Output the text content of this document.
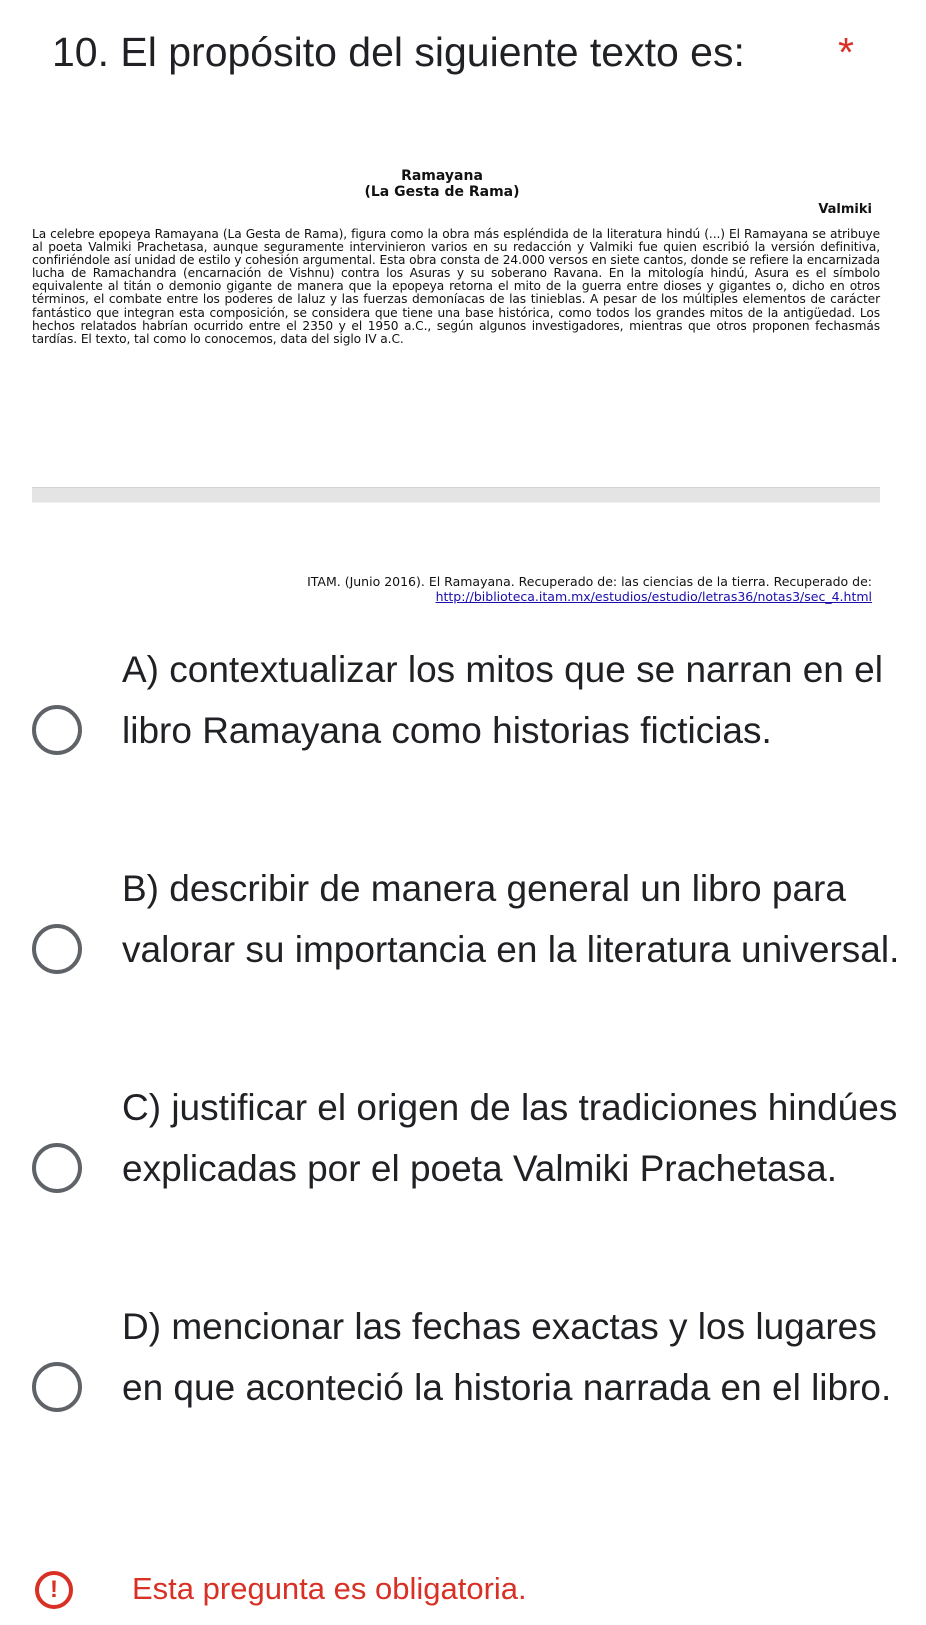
10. El propósito del siguiente texto es: *
Ramayana
(La Gesta de Rama)
Valmiki
La celebre epopeya Ramayana (La Gesta de Rama), figura como la obra más espléndida de la literatura hindú (...) El Ramayana se atribuye al poeta Valmiki Prachetasa, aunque seguramente intervinieron varios en su redacción y Valmiki fue quien escribió la versión definitiva, confiriéndole así unidad de estilo y cohesión argumental. Esta obra consta de 24.000 versos en siete cantos, donde se refiere la encarnizada lucha de Ramachandra (encarnación de Vishnu) contra los Asuras y su soberano Ravana. En la mitología hindú, Asura es el símbolo equivalente al titán o demonio gigante de manera que la epopeya retorna el mito de la guerra entre dioses y gigantes o, dicho en otros términos, el combate entre los poderes de laluz y las fuerzas demoníacas de las tinieblas. A pesar de los múltiples elementos de carácter fantástico que integran esta composición, se considera que tiene una base histórica, como todos los grandes mitos de la antigüedad. Los hechos relatados habrían ocurrido entre el 2350 y el 1950 a.C., según algunos investigadores, mientras que otros proponen fechasmás tardías. El texto, tal como lo conocemos, data del siglo IV a.C.
ITAM. (Junio 2016). El Ramayana. Recuperado de: las ciencias de la tierra. Recuperado de:
http://biblioteca.itam.mx/estudios/estudio/letras36/notas3/sec_4.html
A) contextualizar los mitos que se narran en el libro Ramayana como historias ficticias.
B) describir de manera general un libro para valorar su importancia en la literatura universal.
C) justificar el origen de las tradiciones hindúes explicadas por el poeta Valmiki Prachetasa.
D) mencionar las fechas exactas y los lugares en que aconteció la historia narrada en el libro.
!	Esta pregunta es obligatoria.
